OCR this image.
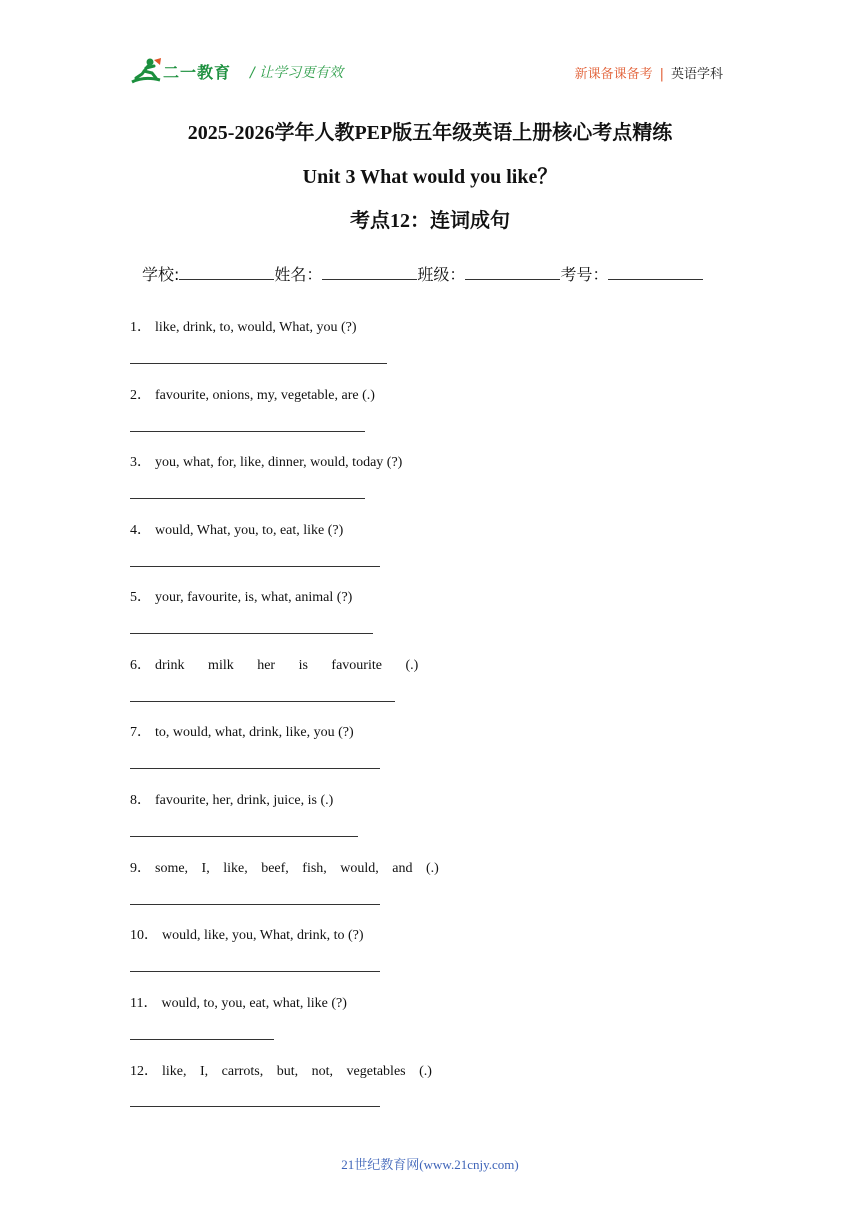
二一教育 / 让学习更有效	新课备课备考 | 英语学科
2025-2026学年人教PEP版五年级英语上册核心考点精练
Unit 3 What would you like？
考点12：连词成句
学校:	姓名：	班级：	考号：
1． like, drink, to, would, What, you (?)
2． favourite, onions, my, vegetable, are (.)
3． you, what, for, like, dinner, would, today (?)
4． would, What, you, to, eat, like (?)
5． your, favourite, is, what, animal (?)
6． drink milk her is favourite (.)
7． to, would, what, drink, like, you (?)
8． favourite, her, drink, juice, is (.)
9． some, I, like, beef, fish, would, and (.)
10． would, like, you, What, drink, to (?)
11． would, to, you, eat, what, like (?)
12． like, I, carrots, but, not, vegetables (.)
21世纪教育网(www.21cnjy.com)
